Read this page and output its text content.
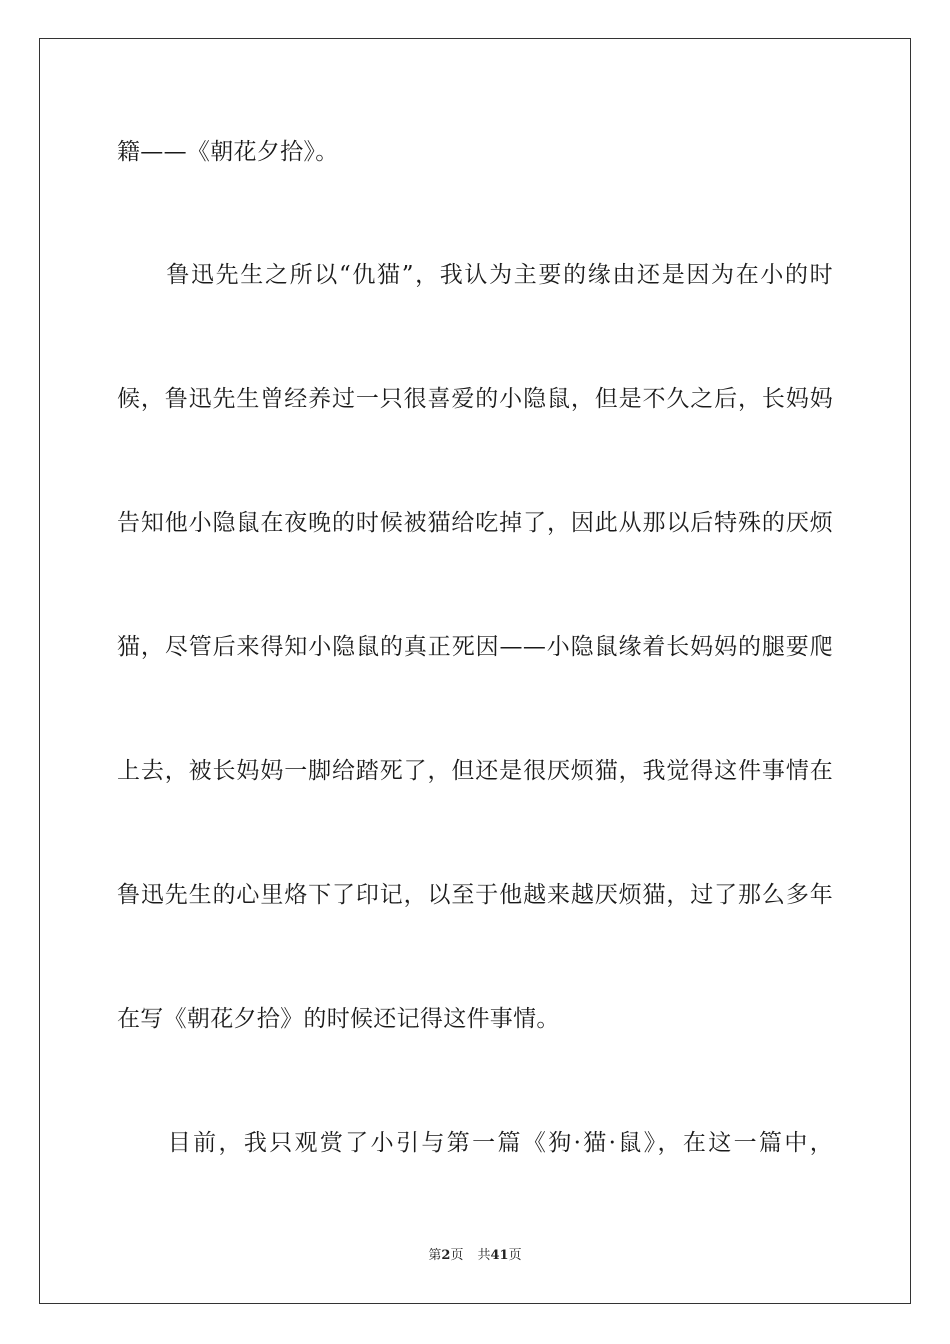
籍——《朝花夕拾》。
　　鲁迅先生之所以“仇猫”，我认为主要的缘由还是因为在小的时
候，鲁迅先生曾经养过一只很喜爱的小隐鼠，但是不久之后，长妈妈
告知他小隐鼠在夜晚的时候被猫给吃掉了，因此从那以后特殊的厌烦
猫，尽管后来得知小隐鼠的真正死因——小隐鼠缘着长妈妈的腿要爬
上去，被长妈妈一脚给踏死了，但还是很厌烦猫，我觉得这件事情在
鲁迅先生的心里烙下了印记，以至于他越来越厌烦猫，过了那么多年
在写《朝花夕拾》的时候还记得这件事情。
　　目前，我只观赏了小引与第一篇《狗·猫·鼠》，在这一篇中，
第2页 共41页
